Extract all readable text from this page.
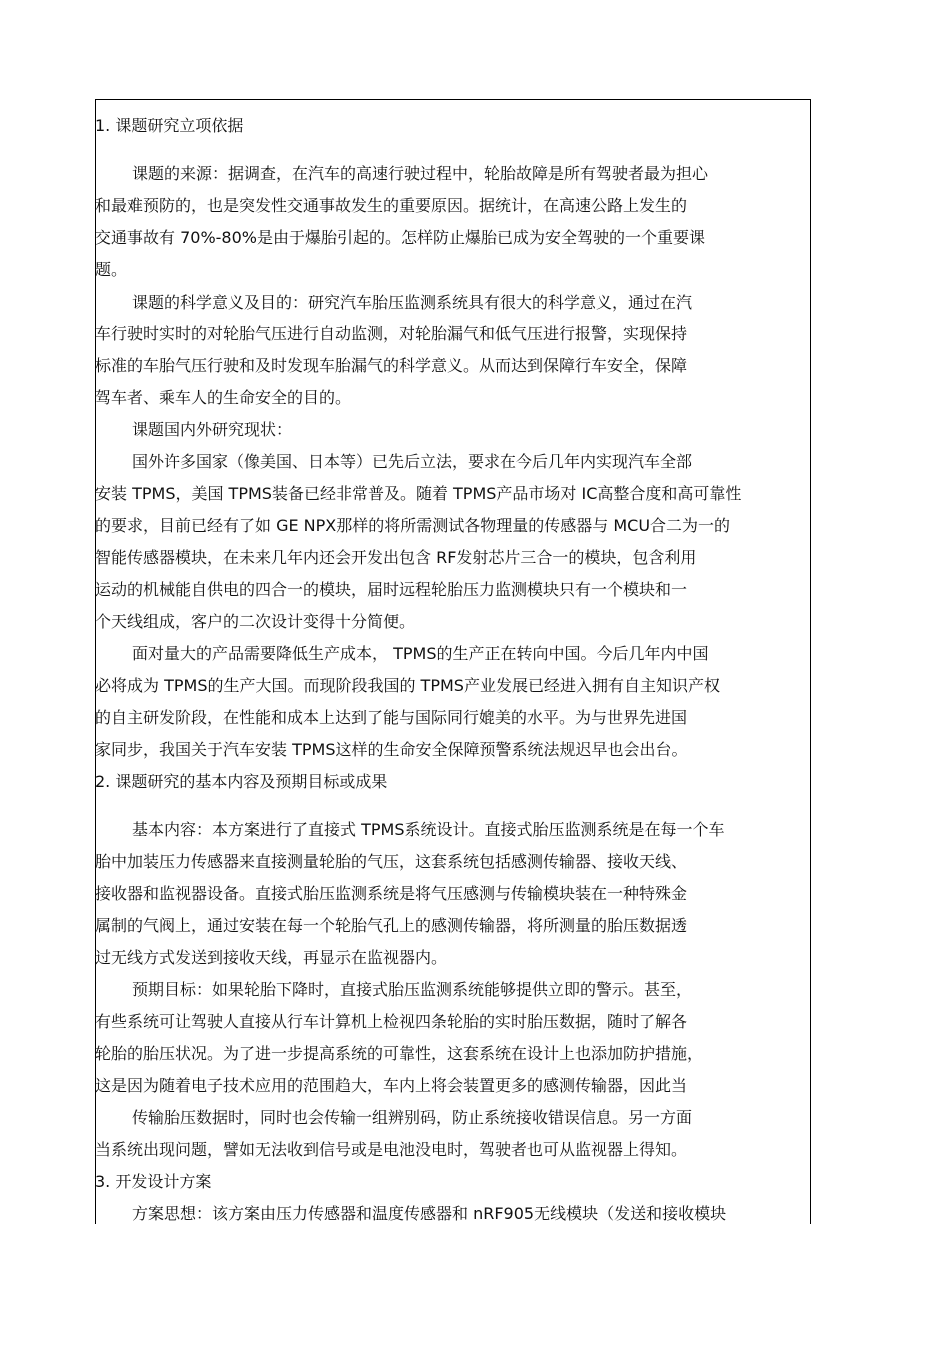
1. 课题研究立项依据
课题的来源：据调查，在汽车的高速行驶过程中，轮胎故障是所有驾驶者最为担心
和最难预防的，也是突发性交通事故发生的重要原因。据统计，在高速公路上发生的
交通事故有 70%-80%是由于爆胎引起的。怎样防止爆胎已成为安全驾驶的一个重要课
题。
课题的科学意义及目的：研究汽车胎压监测系统具有很大的科学意义，通过在汽
车行驶时实时的对轮胎气压进行自动监测，对轮胎漏气和低气压进行报警，实现保持
标准的车胎气压行驶和及时发现车胎漏气的科学意义。从而达到保障行车安全，保障
驾车者、乘车人的生命安全的目的。
课题国内外研究现状：
国外许多国家（像美国、日本等）已先后立法，要求在今后几年内实现汽车全部
安装 TPMS，美国 TPMS装备已经非常普及。随着 TPMS产品市场对 IC高整合度和高可靠性
的要求，目前已经有了如 GE NPX那样的将所需测试各物理量的传感器与 MCU合二为一的
智能传感器模块，在未来几年内还会开发出包含 RF发射芯片三合一的模块，包含利用
运动的机械能自供电的四合一的模块，届时远程轮胎压力监测模块只有一个模块和一
个天线组成，客户的二次设计变得十分简便。
面对量大的产品需要降低生产成本， TPMS的生产正在转向中国。今后几年内中国
必将成为 TPMS的生产大国。而现阶段我国的 TPMS产业发展已经进入拥有自主知识产权
的自主研发阶段，在性能和成本上达到了能与国际同行媲美的水平。为与世界先进国
家同步，我国关于汽车安装 TPMS这样的生命安全保障预警系统法规迟早也会出台。
2. 课题研究的基本内容及预期目标或成果
基本内容：本方案进行了直接式 TPMS系统设计。直接式胎压监测系统是在每一个车
胎中加装压力传感器来直接测量轮胎的气压，这套系统包括感测传输器、接收天线、
接收器和监视器设备。直接式胎压监测系统是将气压感测与传输模块装在一种特殊金
属制的气阀上，通过安装在每一个轮胎气孔上的感测传输器，将所测量的胎压数据透
过无线方式发送到接收天线，再显示在监视器内。
预期目标：如果轮胎下降时，直接式胎压监测系统能够提供立即的警示。甚至，
有些系统可让驾驶人直接从行车计算机上检视四条轮胎的实时胎压数据，随时了解各
轮胎的胎压状况。为了进一步提高系统的可靠性，这套系统在设计上也添加防护措施，
这是因为随着电子技术应用的范围趋大，车内上将会装置更多的感测传输器，因此当
传输胎压数据时，同时也会传输一组辨别码，防止系统接收错误信息。另一方面
当系统出现问题，譬如无法收到信号或是电池没电时，驾驶者也可从监视器上得知。
3. 开发设计方案
方案思想：该方案由压力传感器和温度传感器和 nRF905无线模块（发送和接收模块
